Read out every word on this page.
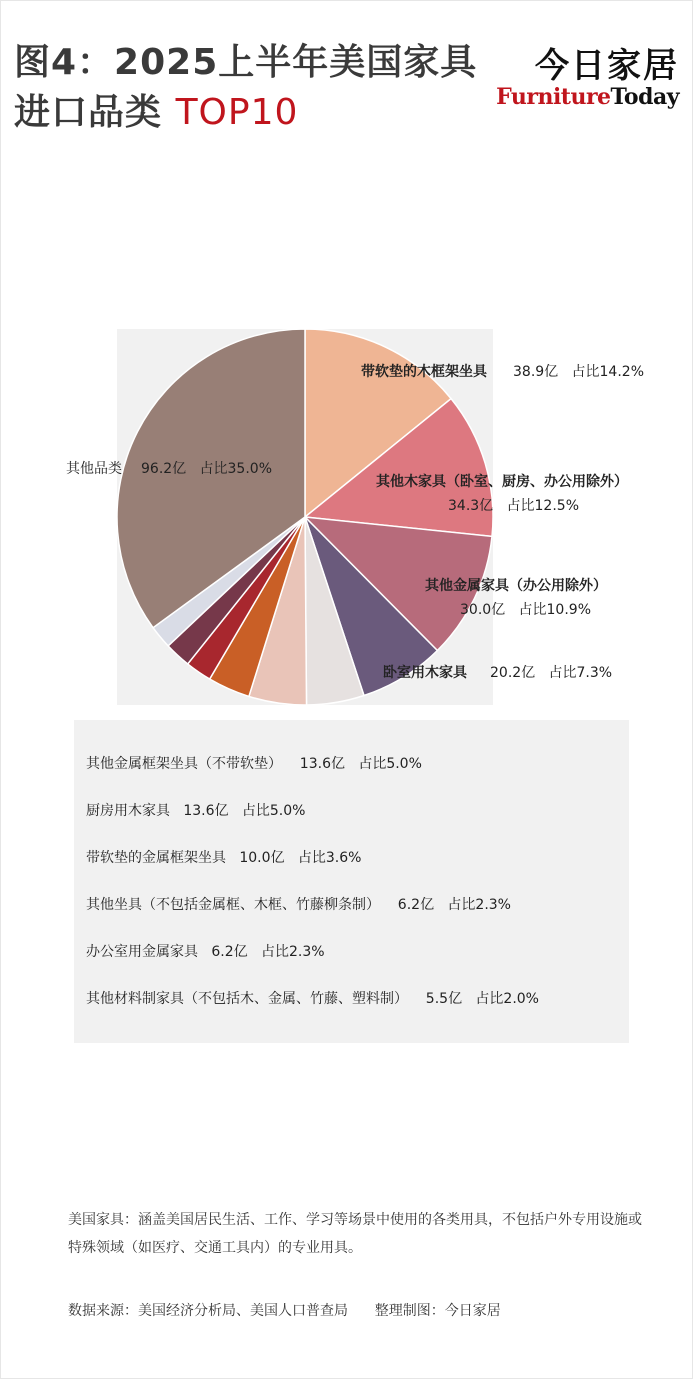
图4：2025上半年美国家具
进口品类 TOP10
今日家居
FurnitureToday
带软垫的木框架坐具 38.9亿   占比14.2%
其他木家具（卧室、厨房、办公用除外）
34.3亿   占比12.5%
其他金属家具（办公用除外）
30.0亿   占比10.9%
卧室用木家具 20.2亿   占比7.3%
其他品类 96.2亿   占比35.0%
其他金属框架坐具（不带软垫）    13.6亿   占比5.0%
厨房用木家具   13.6亿   占比5.0%
带软垫的金属框架坐具   10.0亿   占比3.6%
其他坐具（不包括金属框、木框、竹藤柳条制）    6.2亿   占比2.3%
办公室用金属家具   6.2亿   占比2.3%
其他材料制家具（不包括木、金属、竹藤、塑料制）    5.5亿   占比2.0%
美国家具：涵盖美国居民生活、工作、学习等场景中使用的各类用具，不包括户外专用设施或特殊领域（如医疗、交通工具内）的专业用具。
数据来源：美国经济分析局、美国人口普查局      整理制图：今日家居
